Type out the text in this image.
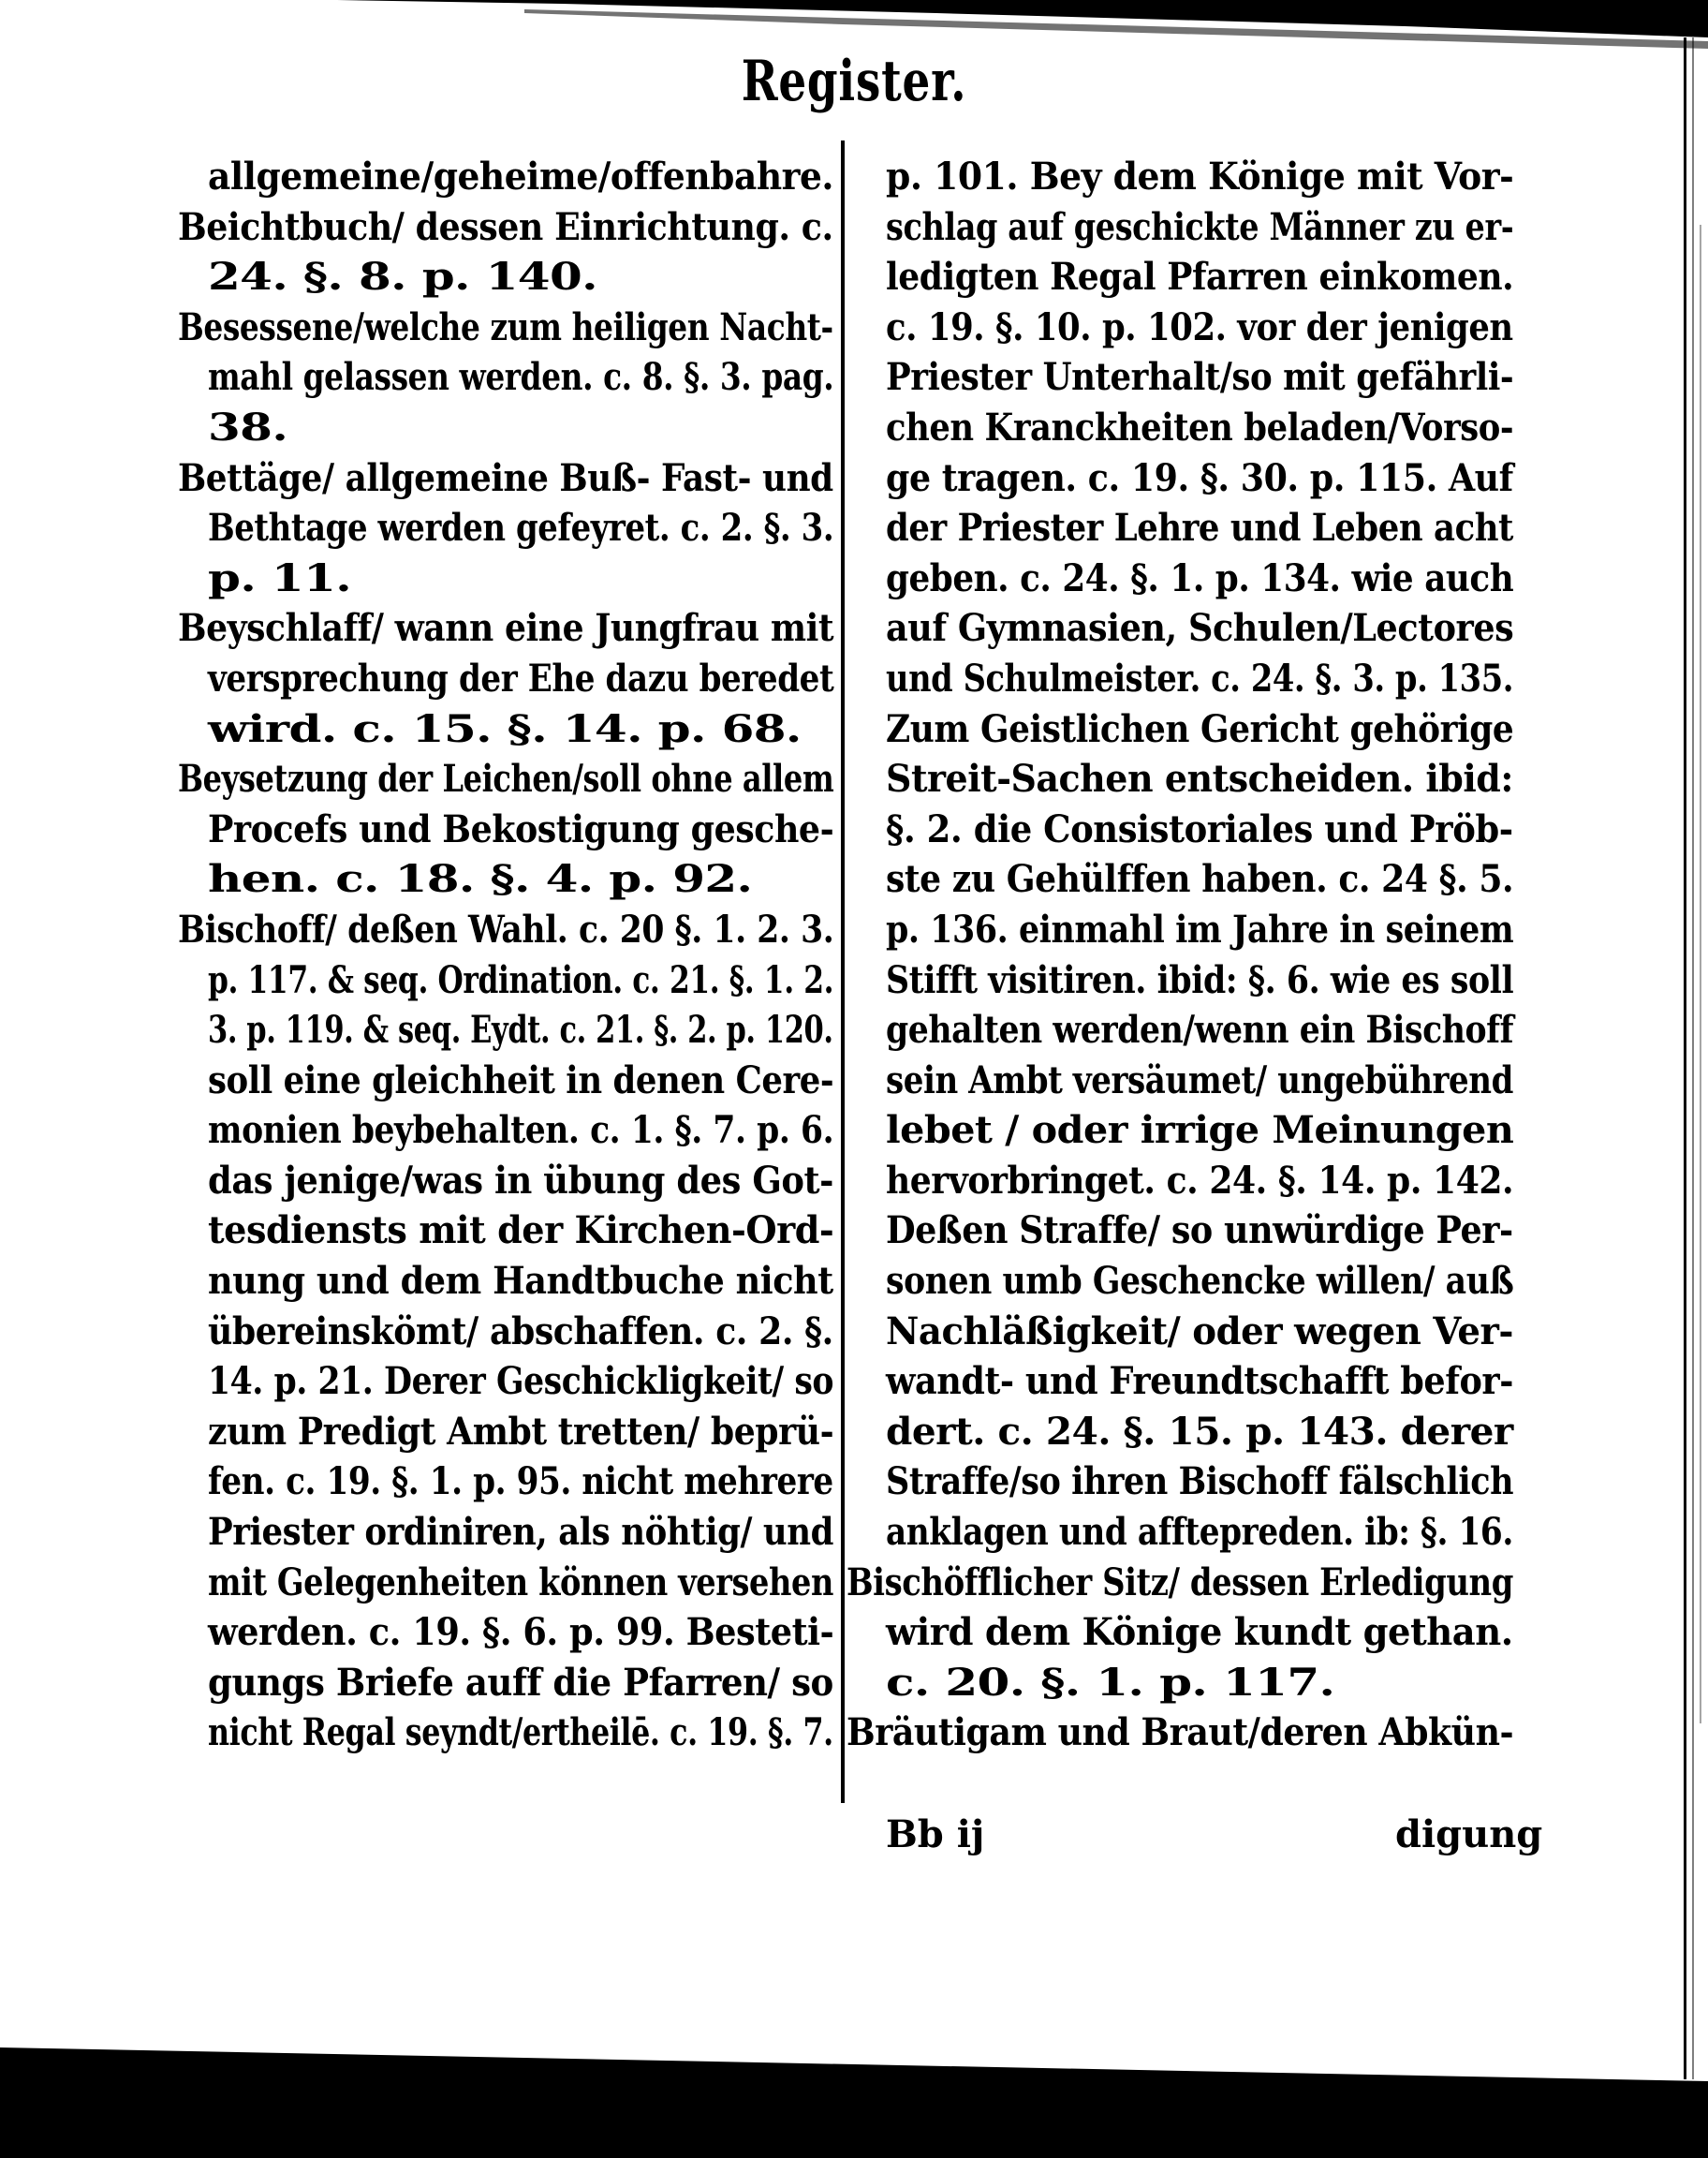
Register.
allgemeine/geheime/offenbahre.
Beichtbuch/ dessen Einrichtung. c.
24. §. 8. p. 140.
Besessene/welche zum heiligen Nacht-
mahl gelassen werden. c. 8. §. 3. pag.
38.
Bettäge/ allgemeine Buß- Fast- und
Bethtage werden gefeyret. c. 2. §. 3.
p. 11.
Beyschlaff/ wann eine Jungfrau mit
versprechung der Ehe dazu beredet
wird. c. 15. §. 14. p. 68.
Beysetzung der Leichen/soll ohne allem
Procefs und Bekostigung gesche-
hen. c. 18. §. 4. p. 92.
Bischoff/ deßen Wahl. c. 20 §. 1. 2. 3.
p. 117. & seq. Ordination. c. 21. §. 1. 2.
3. p. 119. & seq. Eydt. c. 21. §. 2. p. 120.
soll eine gleichheit in denen Cere-
monien beybehalten. c. 1. §. 7. p. 6.
das jenige/was in übung des Got-
tesdiensts mit der Kirchen-Ord-
nung und dem Handtbuche nicht
übereinskömt/ abschaffen. c. 2. §.
14. p. 21. Derer Geschickligkeit/ so
zum Predigt Ambt tretten/ beprü-
fen. c. 19. §. 1. p. 95. nicht mehrere
Priester ordiniren, als nöhtig/ und
mit Gelegenheiten können versehen
werden. c. 19. §. 6. p. 99. Besteti-
gungs Briefe auff die Pfarren/ so
nicht Regal seyndt/ertheilē. c. 19. §. 7.
p. 101. Bey dem Könige mit Vor-
schlag auf geschickte Männer zu er-
ledigten Regal Pfarren einkomen.
c. 19. §. 10. p. 102. vor der jenigen
Priester Unterhalt/so mit gefährli-
chen Kranckheiten beladen/Vorso-
ge tragen. c. 19. §. 30. p. 115. Auf
der Priester Lehre und Leben acht
geben. c. 24. §. 1. p. 134. wie auch
auf Gymnasien, Schulen/Lectores
und Schulmeister. c. 24. §. 3. p. 135.
Zum Geistlichen Gericht gehörige
Streit-Sachen entscheiden. ibid:
§. 2. die Consistoriales und Pröb-
ste zu Gehülffen haben. c. 24 §. 5.
p. 136. einmahl im Jahre in seinem
Stifft visitiren. ibid: §. 6. wie es soll
gehalten werden/wenn ein Bischoff
sein Ambt versäumet/ ungebührend
lebet / oder irrige Meinungen
hervorbringet. c. 24. §. 14. p. 142.
Deßen Straffe/ so unwürdige Per-
sonen umb Geschencke willen/ auß
Nachläßigkeit/ oder wegen Ver-
wandt- und Freundtschafft befor-
dert. c. 24. §. 15. p. 143. derer
Straffe/so ihren Bischoff fälschlich
anklagen und afftерreden. ib: §. 16.
Bischöfflicher Sitz/ dessen Erledigung
wird dem Könige kundt gethan.
c. 20. §. 1. p. 117.
Bräutigam und Braut/deren Abkün-
Bb ij	digung
